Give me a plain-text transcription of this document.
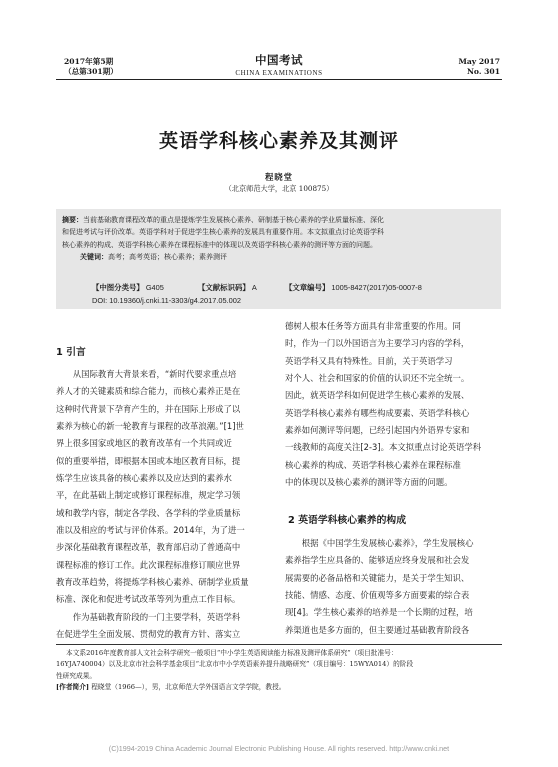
2017年第5期
（总第301期）
中国考试
CHINA EXAMINATIONS
May 2017
No. 301
英语学科核心素养及其测评
程晓堂
（北京师范大学，北京 100875）
摘要：当前基础教育课程改革的重点是提炼学生发展核心素养、研制基于核心素养的学业质量标准、深化
和促进考试与评价改革。英语学科对于促进学生核心素养的发展具有重要作用。本文拟重点讨论英语学科
核心素养的构成、英语学科核心素养在课程标准中的体现以及英语学科核心素养的测评等方面的问题。
关键词：高考；高考英语；核心素养；素养测评
【中图分类号】 G405	【文献标识码】 A	【文章编号】 1005-8427(2017)05-0007-8
DOI: 10.19360/j.cnki.11-3303/g4.2017.05.002
1 引言
从国际教育大背景来看，“新时代要求重点培
养人才的关键素质和综合能力，而核心素养正是在
这种时代背景下孕育产生的，并在国际上形成了以
素养为核心的新一轮教育与课程的改革浪潮。”[1]世
界上很多国家或地区的教育改革有一个共同或近
似的重要举措，即根据本国或本地区教育目标，提
炼学生应该具备的核心素养以及应达到的素养水
平，在此基础上制定或修订课程标准，规定学习领
域和教学内容，制定各学段、各学科的学业质量标
准以及相应的考试与评价体系。2014年，为了进一
步深化基础教育课程改革，教育部启动了普通高中
课程标准的修订工作。此次课程标准修订顺应世界
教育改革趋势，将提炼学科核心素养、研制学业质量
标准、深化和促进考试改革等列为重点工作目标。
作为基础教育阶段的一门主要学科，英语学科
在促进学生全面发展、贯彻党的教育方针、落实立
德树人根本任务等方面具有非常重要的作用。同
时，作为一门以外国语言为主要学习内容的学科，
英语学科又具有特殊性。目前，关于英语学习
对个人、社会和国家的价值的认识还不完全统一。
因此，就英语学科如何促进学生核心素养的发展、
英语学科核心素养有哪些构成要素、英语学科核心
素养如何测评等问题，已经引起国内外语界专家和
一线教师的高度关注[2-3]。本文拟重点讨论英语学科
核心素养的构成、英语学科核心素养在课程标准
中的体现以及核心素养的测评等方面的问题。
2 英语学科核心素养的构成
根据《中国学生发展核心素养》，学生发展核心
素养指学生应具备的、能够适应终身发展和社会发
展需要的必备品格和关键能力，是关于学生知识、
技能、情感、态度、价值观等多方面要素的综合表
现[4]。学生核心素养的培养是一个长期的过程，培
养渠道也是多方面的，但主要通过基础教育阶段各
本文系2016年度教育部人文社会科学研究一般项目“中小学生英语阅读能力标准及测评体系研究”（项目批准号：
16YJA740004）以及北京市社会科学基金项目“北京市中小学英语素养提升战略研究”（项目编号：15WYA014）的阶段
性研究成果。
[作者简介] 程晓堂（1966—），男，北京师范大学外国语言文学学院，教授。
(C)1994-2019 China Academic Journal Electronic Publishing House. All rights reserved. http://www.cnki.net
